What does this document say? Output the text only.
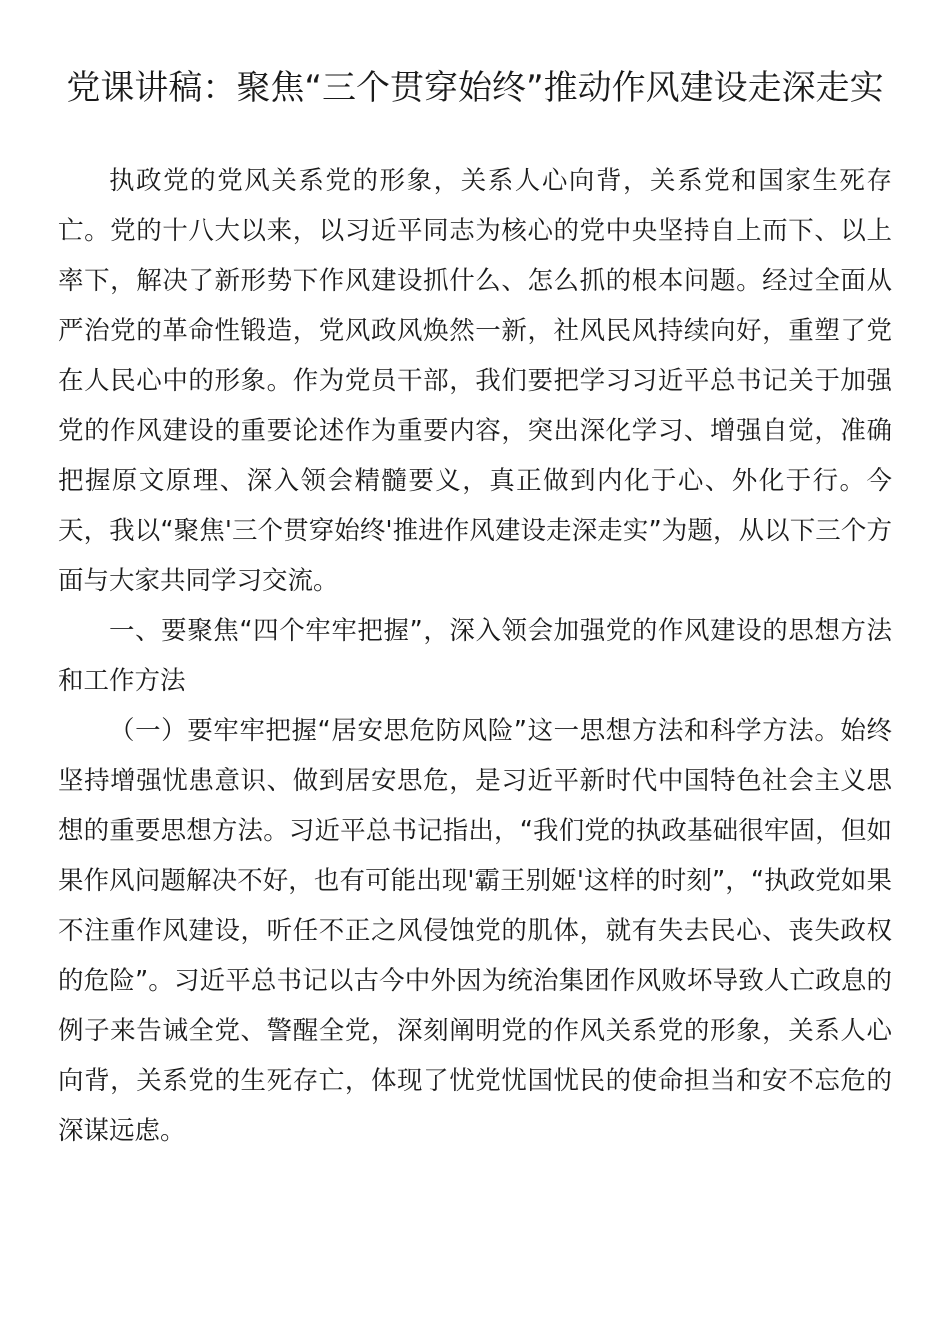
党课讲稿：聚焦“三个贯穿始终”推动作风建设走深走实

执政党的党风关系党的形象，关系人心向背，关系党和国家生死存亡。党的十八大以来，以习近平同志为核心的党中央坚持自上而下、以上率下，解决了新形势下作风建设抓什么、怎么抓的根本问题。经过全面从严治党的革命性锻造，党风政风焕然一新，社风民风持续向好，重塑了党在人民心中的形象。作为党员干部，我们要把学习习近平总书记关于加强党的作风建设的重要论述作为重要内容，突出深化学习、增强自觉，准确把握原文原理、深入领会精髓要义，真正做到内化于心、外化于行。今天，我以“聚焦'三个贯穿始终'推进作风建设走深走实”为题，从以下三个方面与大家共同学习交流。

一、要聚焦“四个牢牢把握”，深入领会加强党的作风建设的思想方法和工作方法

（一）要牢牢把握“居安思危防风险”这一思想方法和科学方法。始终坚持增强忧患意识、做到居安思危，是习近平新时代中国特色社会主义思想的重要思想方法。习近平总书记指出，“我们党的执政基础很牢固，但如果作风问题解决不好，也有可能出现'霸王别姬'这样的时刻”，“执政党如果不注重作风建设，听任不正之风侵蚀党的肌体，就有失去民心、丧失政权的危险”。习近平总书记以古今中外因为统治集团作风败坏导致人亡政息的例子来告诫全党、警醒全党，深刻阐明党的作风关系党的形象，关系人心向背，关系党的生死存亡，体现了忧党忧国忧民的使命担当和安不忘危的深谋远虑。
